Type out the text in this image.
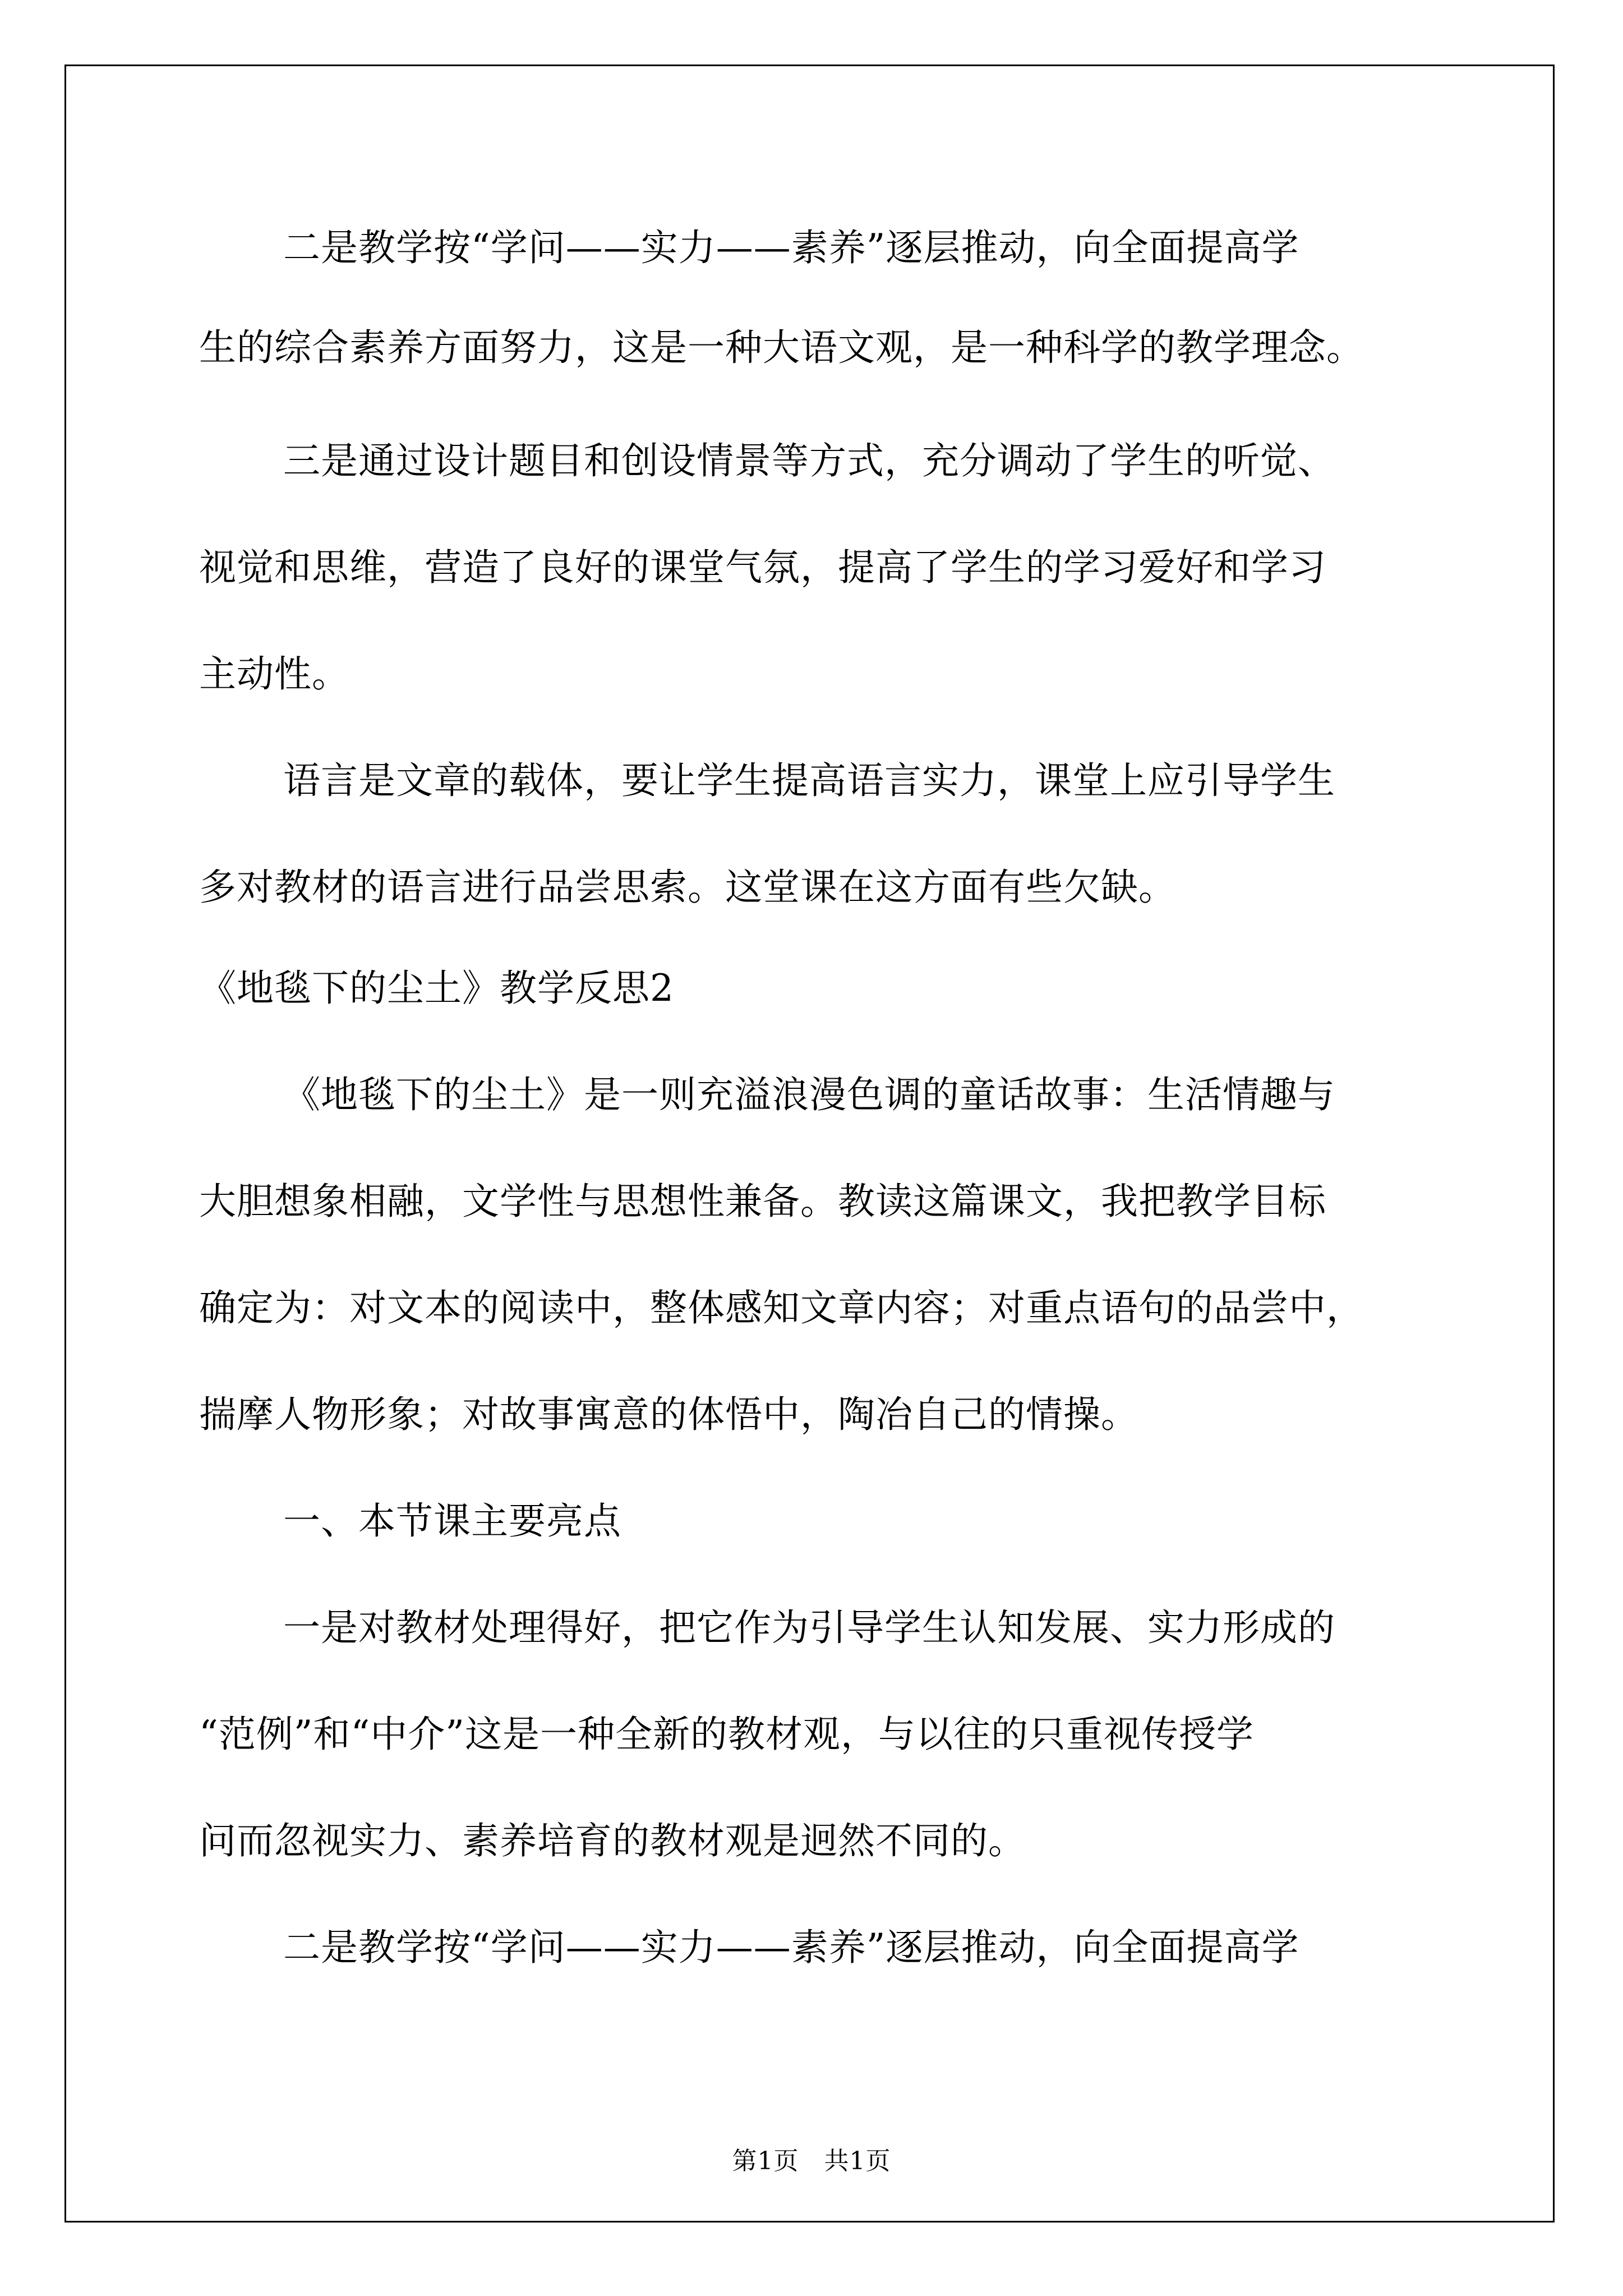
二是教学按“学问——实力——素养”逐层推动，向全面提高学
生的综合素养方面努力，这是一种大语文观，是一种科学的教学理念。
三是通过设计题目和创设情景等方式，充分调动了学生的听觉、
视觉和思维，营造了良好的课堂气氛，提高了学生的学习爱好和学习
主动性。
语言是文章的载体，要让学生提高语言实力，课堂上应引导学生
多对教材的语言进行品尝思索。这堂课在这方面有些欠缺。
《地毯下的尘土》教学反思2
《地毯下的尘土》是一则充溢浪漫色调的童话故事：生活情趣与
大胆想象相融，文学性与思想性兼备。教读这篇课文，我把教学目标
确定为：对文本的阅读中，整体感知文章内容；对重点语句的品尝中，
揣摩人物形象；对故事寓意的体悟中，陶冶自己的情操。
一、本节课主要亮点
一是对教材处理得好，把它作为引导学生认知发展、实力形成的
“范例”和“中介”这是一种全新的教材观，与以往的只重视传授学
问而忽视实力、素养培育的教材观是迥然不同的。
二是教学按“学问——实力——素养”逐层推动，向全面提高学
第1页　共1页
